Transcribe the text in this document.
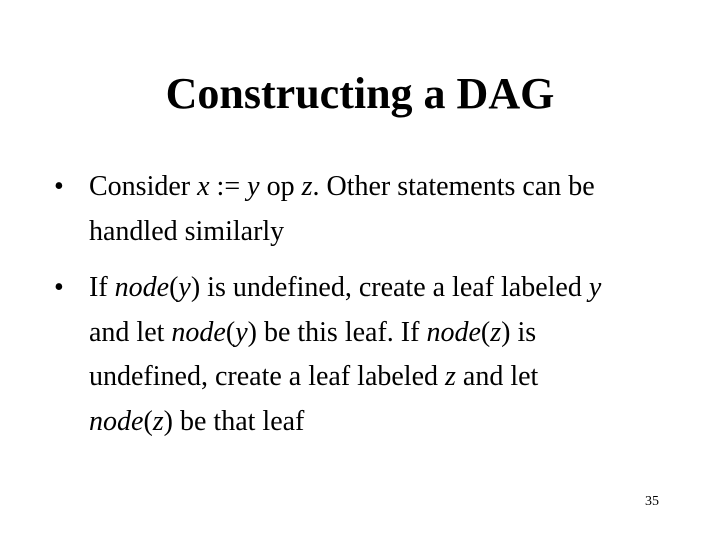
Constructing a DAG
• Consider x := y op z. Other statements can be
handled similarly
• If node(y) is undefined, create a leaf labeled y
and let node(y) be this leaf. If node(z) is
undefined, create a leaf labeled z and let
node(z) be that leaf
35
